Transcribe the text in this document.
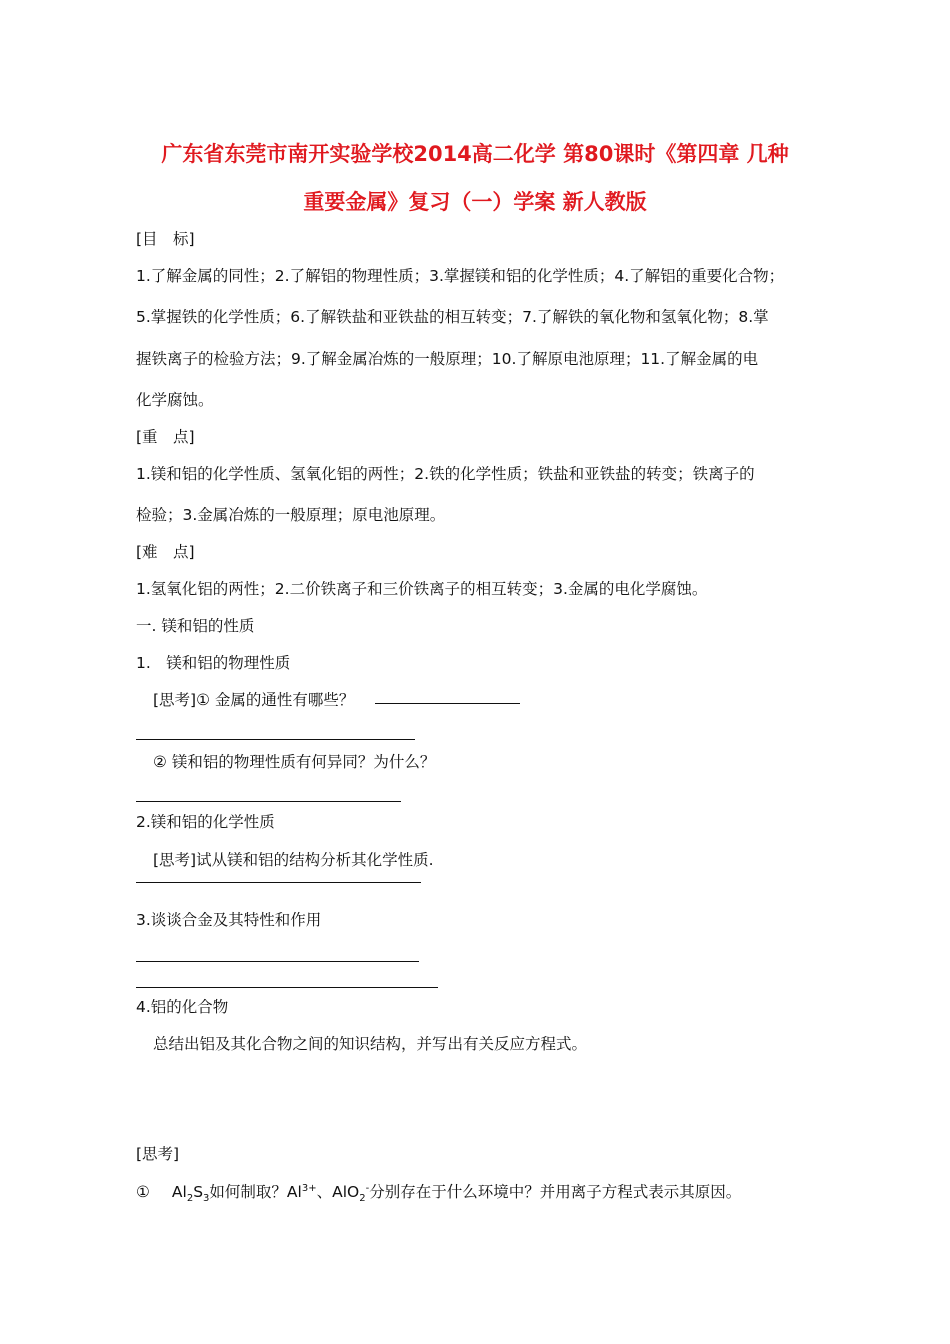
广东省东莞市南开实验学校2014高二化学 第80课时《第四章 几种
重要金属》复习（一）学案 新人教版
[目　标]
1.了解金属的同性；2.了解铝的物理性质；3.掌握镁和铝的化学性质；4.了解铝的重要化合物；
5.掌握铁的化学性质；6.了解铁盐和亚铁盐的相互转变；7.了解铁的氧化物和氢氧化物；8.掌
握铁离子的检验方法；9.了解金属冶炼的一般原理；10.了解原电池原理；11.了解金属的电
化学腐蚀。
[重　点]
1.镁和铝的化学性质、氢氧化铝的两性；2.铁的化学性质；铁盐和亚铁盐的转变；铁离子的
检验；3.金属冶炼的一般原理；原电池原理。
[难　点]
1.氢氧化铝的两性；2.二价铁离子和三价铁离子的相互转变；3.金属的电化学腐蚀。
一. 镁和铝的性质
1.　镁和铝的物理性质
[思考]① 金属的通性有哪些？
② 镁和铝的物理性质有何异同？为什么？
2.镁和铝的化学性质
[思考]试从镁和铝的结构分析其化学性质.
3.谈谈合金及其特性和作用
4.铝的化合物
总结出铝及其化合物之间的知识结构，并写出有关反应方程式。
[思考]
① $Al_2S_3$如何制取？$Al^{3+}$、AlO$_2$-分别存在于什么环境中？并用离子方程式表示其原因。
